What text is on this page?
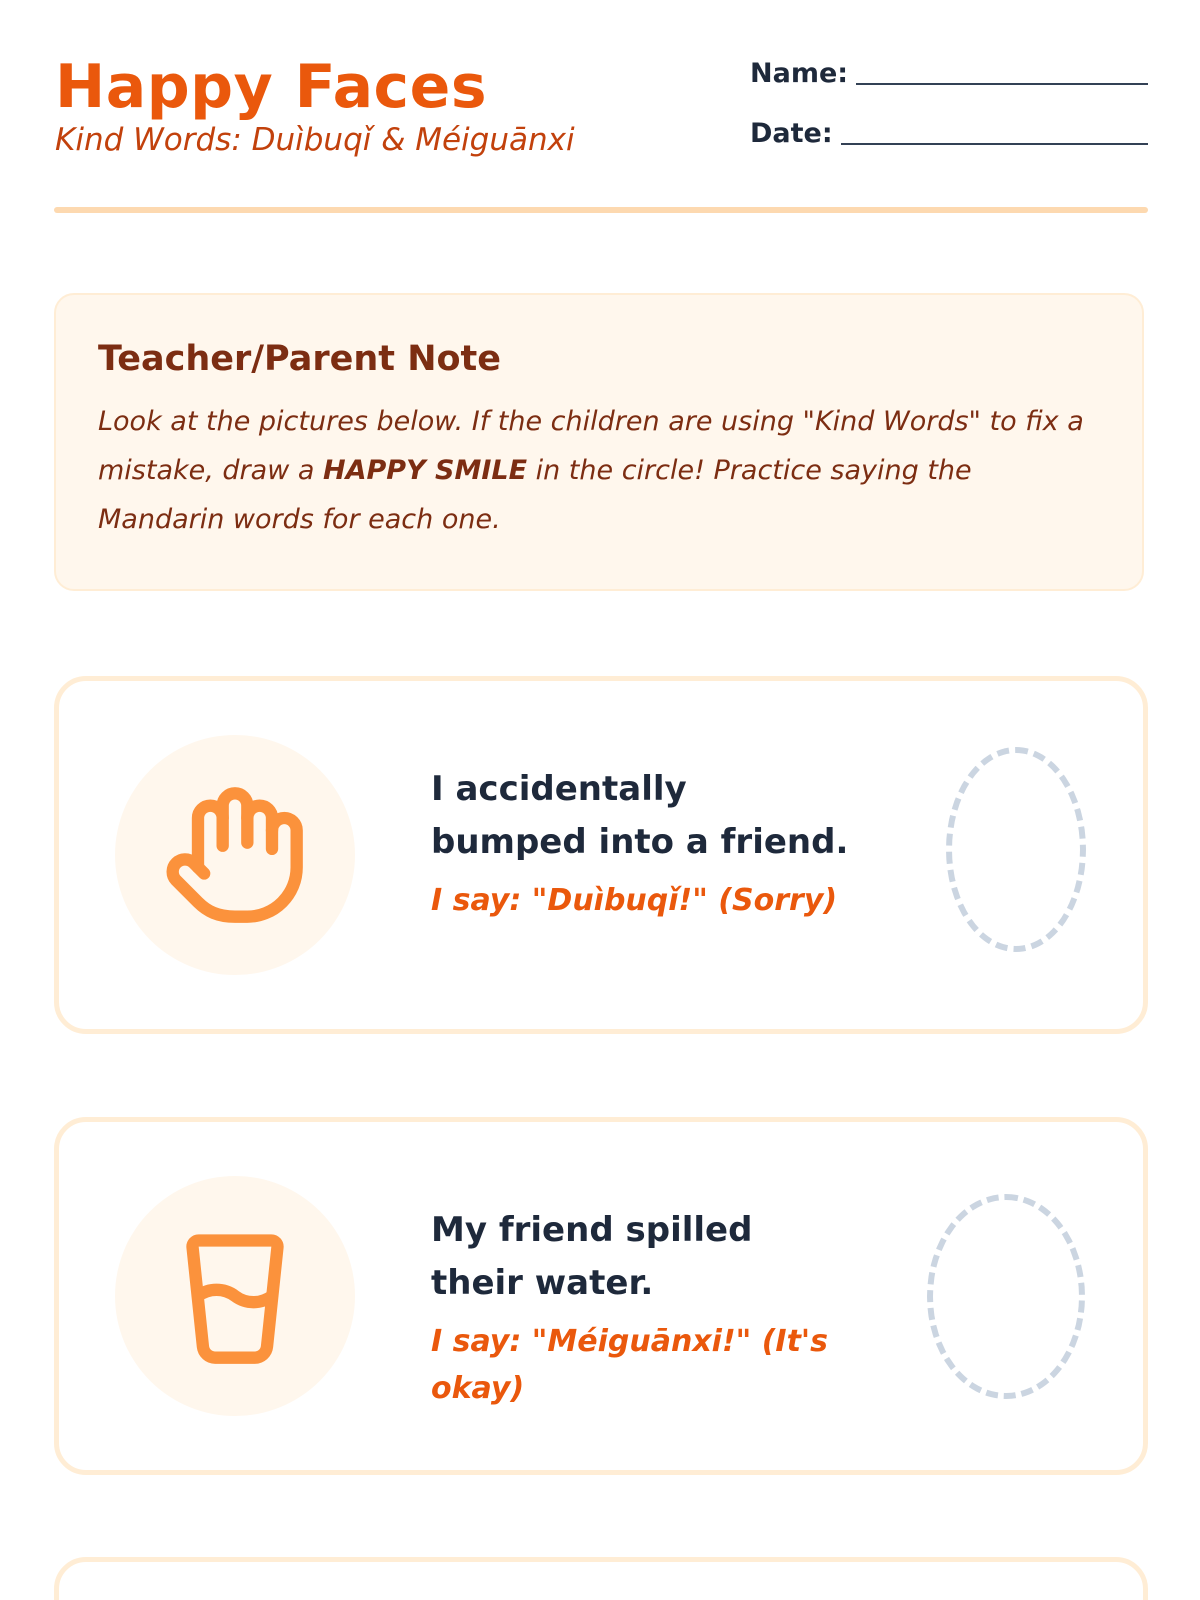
Happy Faces
Kind Words: Duìbuqǐ & Méiguānxi
Name:
Date:
Teacher/Parent Note

Look at the pictures below. If the children are using "Kind Words" to fix a mistake, draw a HAPPY SMILE in the circle! Practice saying the Mandarin words for each one.

I accidentally bumped into a friend.

I say: "Duìbuqǐ!" (Sorry)

My friend spilled their water.

I say: "Méiguānxi!" (It's okay)
